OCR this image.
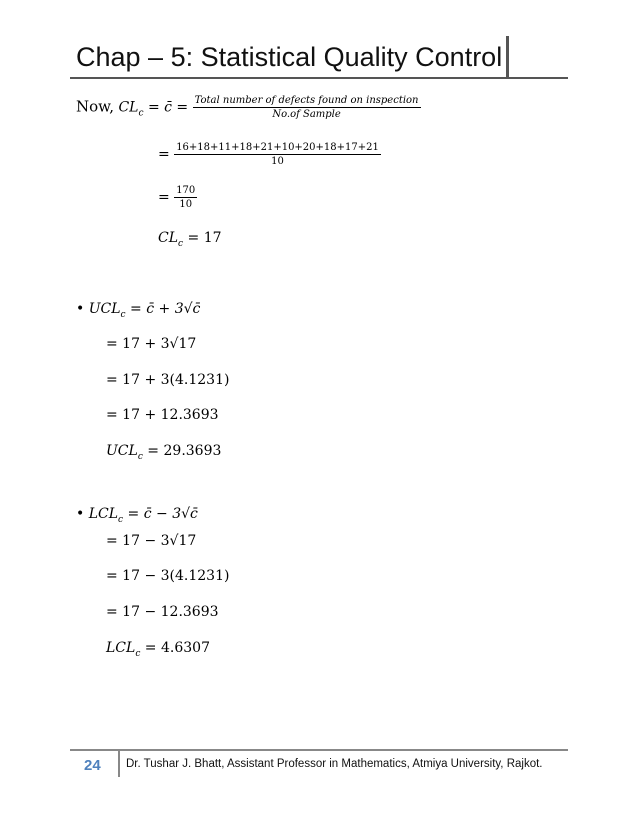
Chap – 5: Statistical Quality Control
Now, $CL_c$ = c̄ = $\frac{\text{Total number of defects found on inspection}}{\text{No.of Sample}}$
= $\frac{16+18+11+18+21+10+20+18+17+21}{10}$
= $\frac{170}{10}$
$CL_c = 17$
• $UCL_c$ = c̄ + 3√c̄
= 17 + 3√17
= 17 + 3(4.1231)
= 17 + 12.3693
$UCL_c = 29.3693$
• $LCL_c$ = c̄ − 3√c̄
= 17 − 3√17
= 17 − 3(4.1231)
= 17 − 12.3693
$LCL_c = 4.6307$
24 Dr. Tushar J. Bhatt, Assistant Professor in Mathematics, Atmiya University, Rajkot.
